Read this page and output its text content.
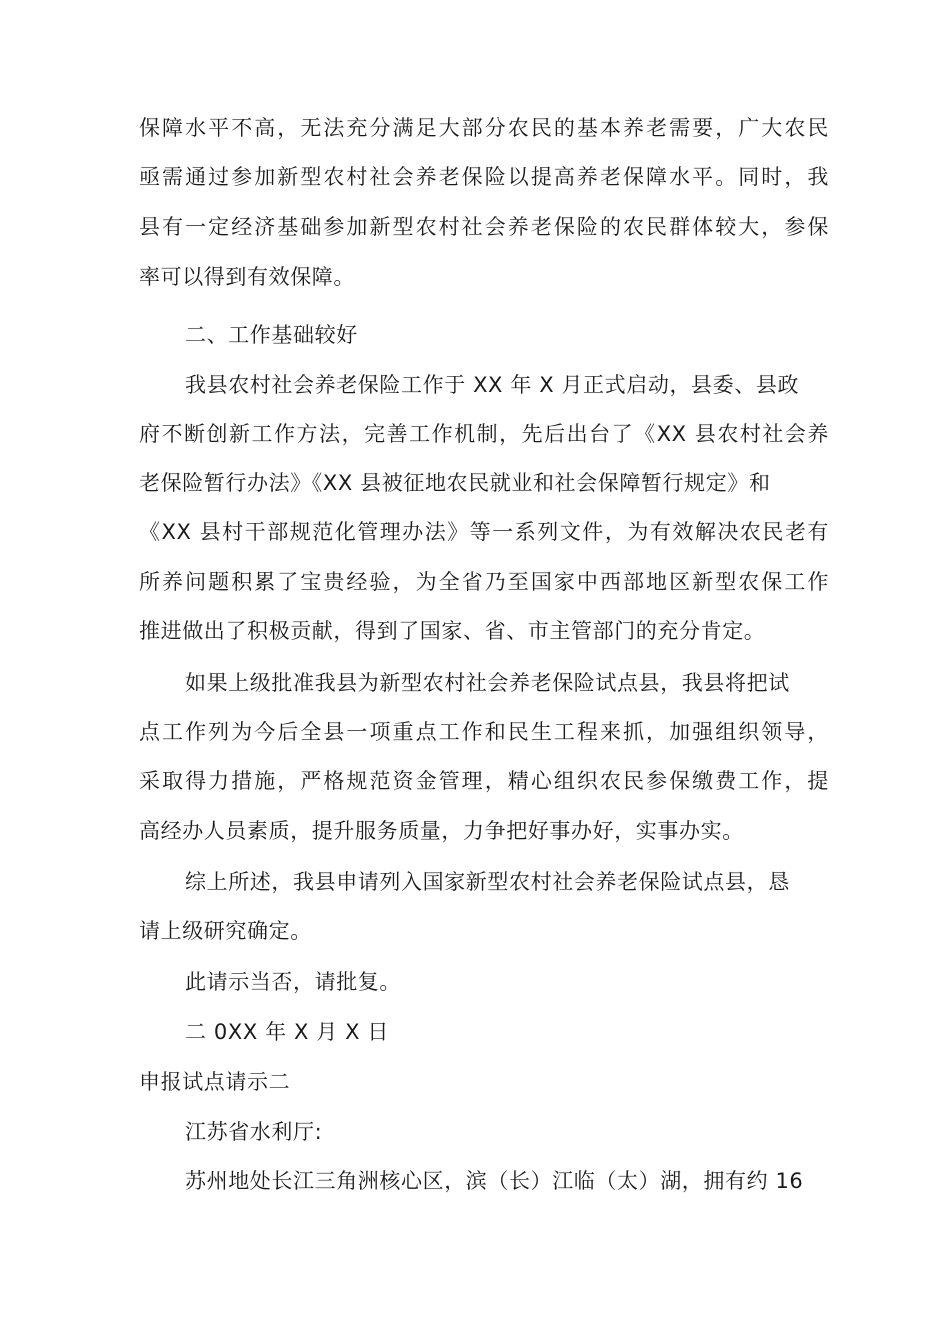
保障水平不高，无法充分满足大部分农民的基本养老需要，广大农民
亟需通过参加新型农村社会养老保险以提高养老保障水平。同时，我
县有一定经济基础参加新型农村社会养老保险的农民群体较大，参保
率可以得到有效保障。
二、工作基础较好
我县农村社会养老保险工作于 XX 年 X 月正式启动，县委、县政
府不断创新工作方法，完善工作机制，先后出台了《XX 县农村社会养
老保险暂行办法》《XX 县被征地农民就业和社会保障暂行规定》和
《XX 县村干部规范化管理办法》等一系列文件，为有效解决农民老有
所养问题积累了宝贵经验，为全省乃至国家中西部地区新型农保工作
推进做出了积极贡献，得到了国家、省、市主管部门的充分肯定。
如果上级批准我县为新型农村社会养老保险试点县，我县将把试
点工作列为今后全县一项重点工作和民生工程来抓，加强组织领导，
采取得力措施，严格规范资金管理，精心组织农民参保缴费工作，提
高经办人员素质，提升服务质量，力争把好事办好，实事办实。
综上所述，我县申请列入国家新型农村社会养老保险试点县，恳
请上级研究确定。
此请示当否，请批复。
二 0XX 年 X 月 X 日
申报试点请示二
江苏省水利厅:
苏州地处长江三角洲核心区，滨（长）江临（太）湖，拥有约 16
